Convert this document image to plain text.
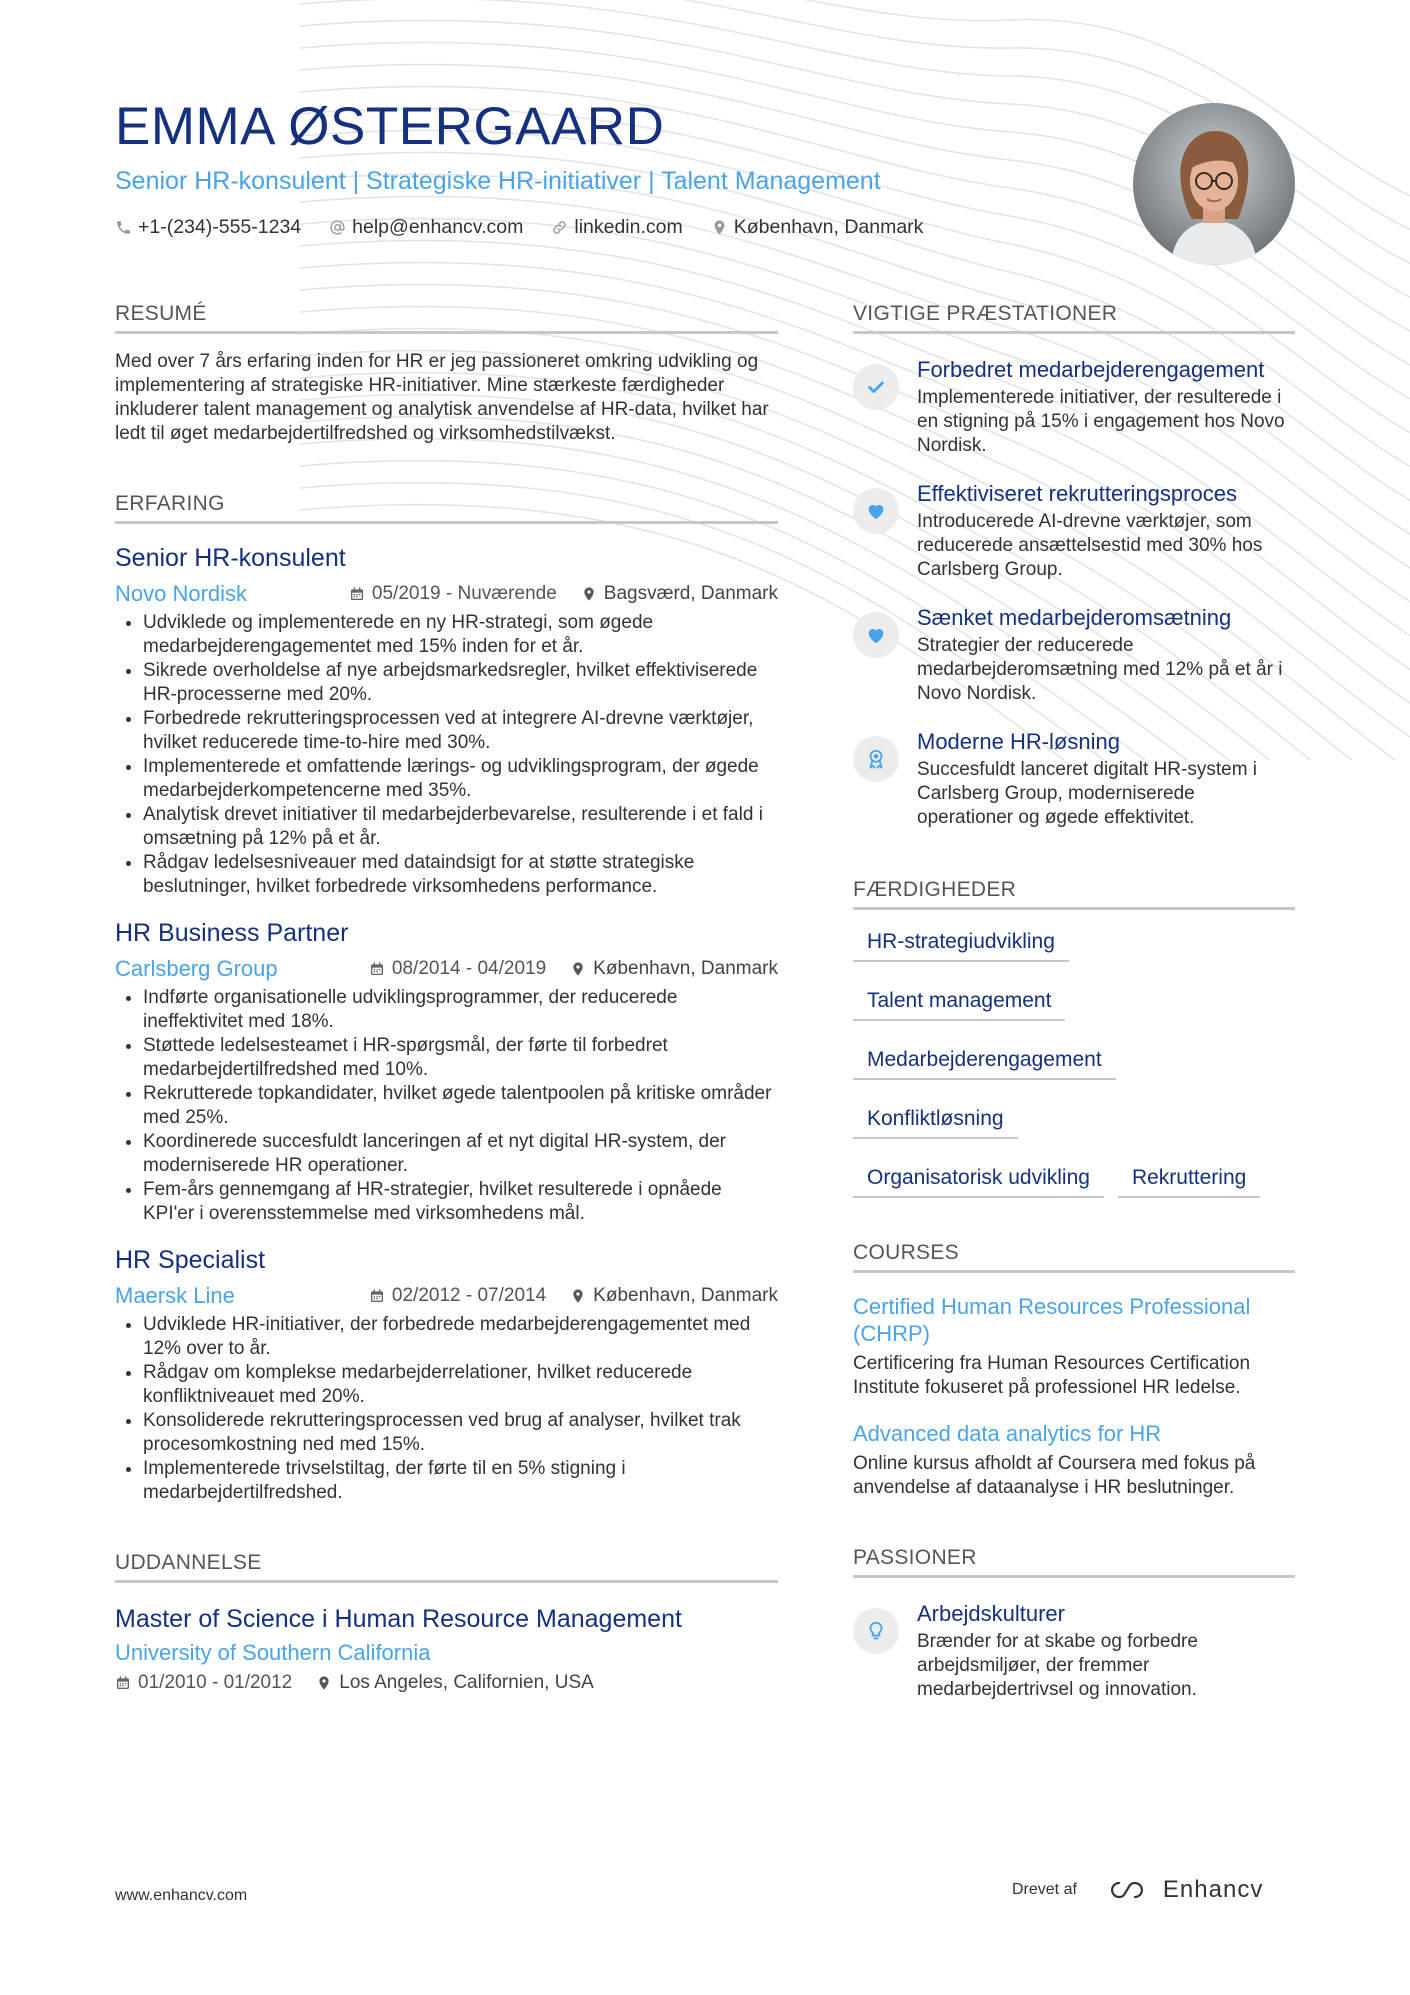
EMMA ØSTERGAARD
Senior HR-konsulent | Strategiske HR-initiativer | Talent Management
+1-(234)-555-1234	help@enhancv.com	linkedin.com	København, Danmark
RESUMÉ

Med over 7 års erfaring inden for HR er jeg passioneret omkring udvikling og implementering af strategiske HR-initiativer. Mine stærkeste færdigheder inkluderer talent management og analytisk anvendelse af HR-data, hvilket har ledt til øget medarbejdertilfredshed og virksomhedstilvækst.

ERFARING
Senior HR-konsulent
Novo Nordisk	05/2019 - Nuværende Bagsværd, Danmark
• Udviklede og implementerede en ny HR-strategi, som øgede medarbejderengagementet med 15% inden for et år.
• Sikrede overholdelse af nye arbejdsmarkedsregler, hvilket effektiviserede HR-processerne med 20%.
• Forbedrede rekrutteringsprocessen ved at integrere AI-drevne værktøjer, hvilket reducerede time-to-hire med 30%.
• Implementerede et omfattende lærings- og udviklingsprogram, der øgede medarbejderkompetencerne med 35%.
• Analytisk drevet initiativer til medarbejderbevarelse, resulterende i et fald i omsætning på 12% på et år.
• Rådgav ledelsesniveauer med dataindsigt for at støtte strategiske beslutninger, hvilket forbedrede virksomhedens performance.
HR Business Partner
Carlsberg Group	08/2014 - 04/2019 København, Danmark
• Indførte organisationelle udviklingsprogrammer, der reducerede ineffektivitet med 18%.
• Støttede ledelsesteamet i HR-spørgsmål, der førte til forbedret medarbejdertilfredshed med 10%.
• Rekrutterede topkandidater, hvilket øgede talentpoolen på kritiske områder med 25%.
• Koordinerede succesfuldt lanceringen af et nyt digital HR-system, der moderniserede HR operationer.
• Fem-års gennemgang af HR-strategier, hvilket resulterede i opnåede KPI'er i overensstemmelse med virksomhedens mål.
HR Specialist
Maersk Line	02/2012 - 07/2014 København, Danmark
• Udviklede HR-initiativer, der forbedrede medarbejderengagementet med 12% over to år.
• Rådgav om komplekse medarbejderrelationer, hvilket reducerede konfliktniveauet med 20%.
• Konsoliderede rekrutteringsprocessen ved brug af analyser, hvilket trak procesomkostning ned med 15%.
• Implementerede trivselstiltag, der førte til en 5% stigning i medarbejdertilfredshed.
UDDANNELSE
Master of Science i Human Resource Management
University of Southern California
01/2010 - 01/2012 Los Angeles, Californien, USA
VIGTIGE PRÆSTATIONER
Forbedret medarbejderengagement
Implementerede initiativer, der resulterede i en stigning på 15% i engagement hos Novo Nordisk.
Effektiviseret rekrutteringsproces
Introducerede AI-drevne værktøjer, som reducerede ansættelsestid med 30% hos Carlsberg Group.
Sænket medarbejderomsætning
Strategier der reducerede medarbejderomsætning med 12% på et år i Novo Nordisk.
Moderne HR-løsning
Succesfuldt lanceret digitalt HR-system i Carlsberg Group, moderniserede operationer og øgede effektivitet.
FÆRDIGHEDER
HR-strategiudvikling
Talent management
Medarbejderengagement
Konfliktløsning
Organisatorisk udvikling	Rekruttering
COURSES
Certified Human Resources Professional (CHRP)
Certificering fra Human Resources Certification Institute fokuseret på professionel HR ledelse.
Advanced data analytics for HR
Online kursus afholdt af Coursera med fokus på anvendelse af dataanalyse i HR beslutninger.
PASSIONER
Arbejdskulturer
Brænder for at skabe og forbedre arbejdsmiljøer, der fremmer medarbejdertrivsel og innovation.
www.enhancv.com	Drevet af	Enhancv
